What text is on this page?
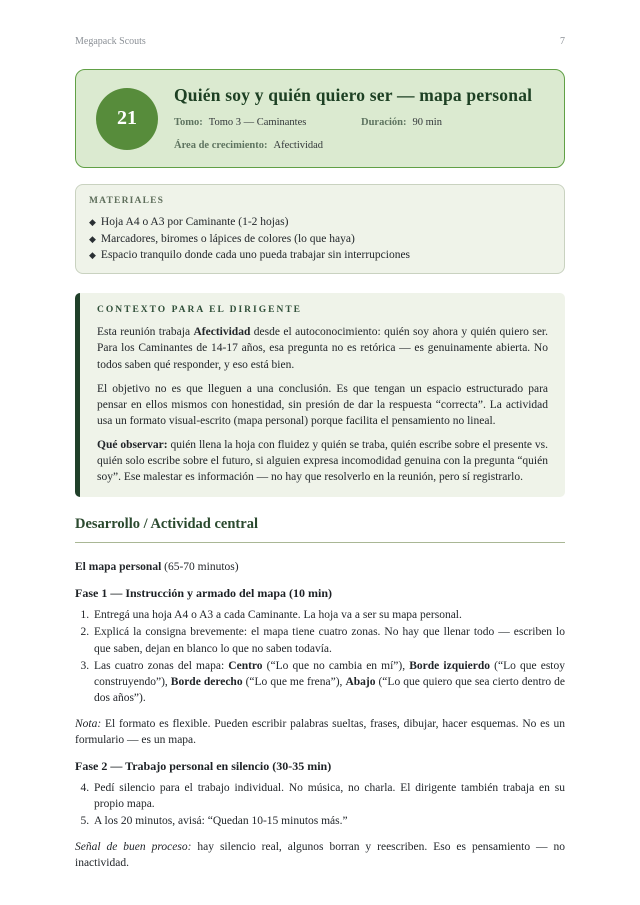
Megapack Scouts	7
21
Quién soy y quién quiero ser — mapa personal
Tomo: Tomo 3 — Caminantes	Duración: 90 min
Área de crecimiento: Afectividad
MATERIALES
◆ Hoja A4 o A3 por Caminante (1-2 hojas)
◆ Marcadores, biromes o lápices de colores (lo que haya)
◆ Espacio tranquilo donde cada uno pueda trabajar sin interrupciones
CONTEXTO PARA EL DIRIGENTE

Esta reunión trabaja Afectividad desde el autoconocimiento: quién soy ahora y quién quiero ser. Para los Caminantes de 14-17 años, esa pregunta no es retórica — es genuinamente abierta. No todos saben qué responder, y eso está bien.

El objetivo no es que lleguen a una conclusión. Es que tengan un espacio estructurado para pensar en ellos mismos con honestidad, sin presión de dar la respuesta “correcta”. La actividad usa un formato visual-escrito (mapa personal) porque facilita el pensamiento no lineal.

Qué observar: quién llena la hoja con fluidez y quién se traba, quién escribe sobre el presente vs. quién solo escribe sobre el futuro, si alguien expresa incomodidad genuina con la pregunta “quién soy”. Ese malestar es información — no hay que resolverlo en la reunión, pero sí registrarlo.

Desarrollo / Actividad central

El mapa personal (65-70 minutos)

Fase 1 — Instrucción y armado del mapa (10 min)

1. Entregá una hoja A4 o A3 a cada Caminante. La hoja va a ser su mapa personal.
2. Explicá la consigna brevemente: el mapa tiene cuatro zonas. No hay que llenar todo — escriben lo que saben, dejan en blanco lo que no saben todavía.
3. Las cuatro zonas del mapa: Centro (“Lo que no cambia en mí”), Borde izquierdo (“Lo que estoy construyendo”), Borde derecho (“Lo que me frena”), Abajo (“Lo que quiero que sea cierto dentro de dos años”).

Nota: El formato es flexible. Pueden escribir palabras sueltas, frases, dibujar, hacer esquemas. No es un formulario — es un mapa.

Fase 2 — Trabajo personal en silencio (30-35 min)

4. Pedí silencio para el trabajo individual. No música, no charla. El dirigente también trabaja en su propio mapa.
5. A los 20 minutos, avisá: “Quedan 10-15 minutos más.”

Señal de buen proceso: hay silencio real, algunos borran y reescriben. Eso es pensamiento — no inactividad.
